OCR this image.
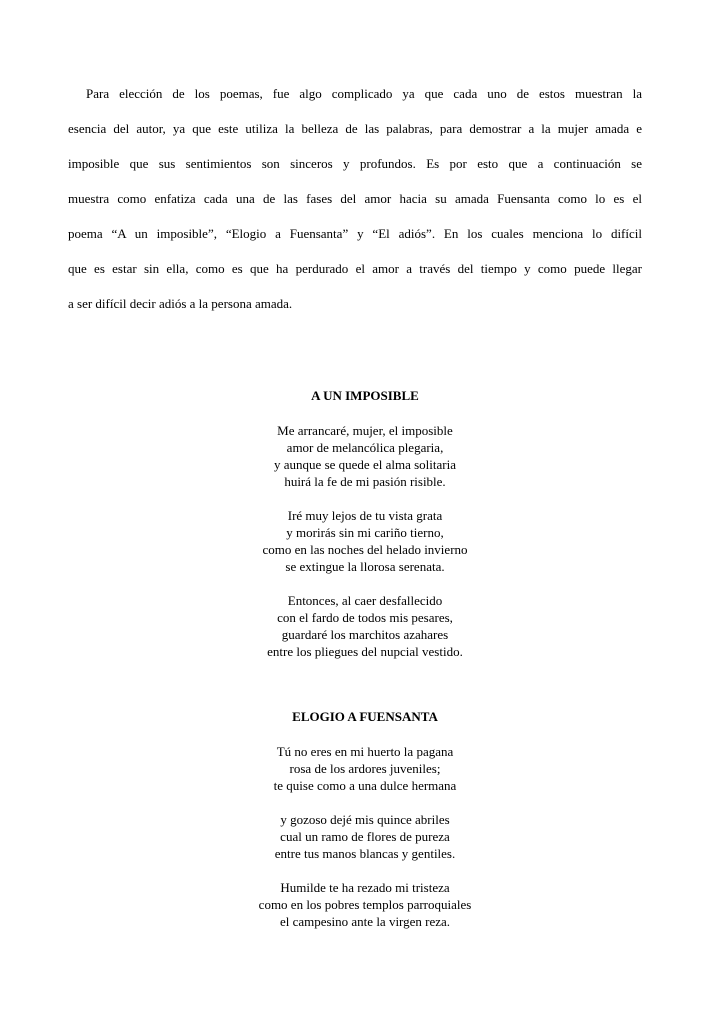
Para elección de los poemas, fue algo complicado ya que cada uno de estos muestran la
esencia del autor, ya que este utiliza la belleza de las palabras, para demostrar a la mujer amada e
imposible que sus sentimientos son sinceros y profundos. Es por esto que a continuación se
muestra como enfatiza cada una de las fases del amor hacia su amada Fuensanta como lo es el
poema “A un imposible”, “Elogio a Fuensanta” y “El adiós”. En los cuales menciona lo difícil
que es estar sin ella, como es que ha perdurado el amor a través del tiempo y como puede llegar
a ser difícil decir adiós a la persona amada.
A UN IMPOSIBLE
Me arrancaré, mujer, el imposible
amor de melancólica plegaria,
y aunque se quede el alma solitaria
huirá la fe de mi pasión risible.
Iré muy lejos de tu vista grata
y morirás sin mi cariño tierno,
como en las noches del helado invierno
se extingue la llorosa serenata.
Entonces, al caer desfallecido
con el fardo de todos mis pesares,
guardaré los marchitos azahares
entre los pliegues del nupcial vestido.
ELOGIO A FUENSANTA
Tú no eres en mi huerto la pagana
rosa de los ardores juveniles;
te quise como a una dulce hermana
y gozoso dejé mis quince abriles
cual un ramo de flores de pureza
entre tus manos blancas y gentiles.
Humilde te ha rezado mi tristeza
como en los pobres templos parroquiales
el campesino ante la virgen reza.
